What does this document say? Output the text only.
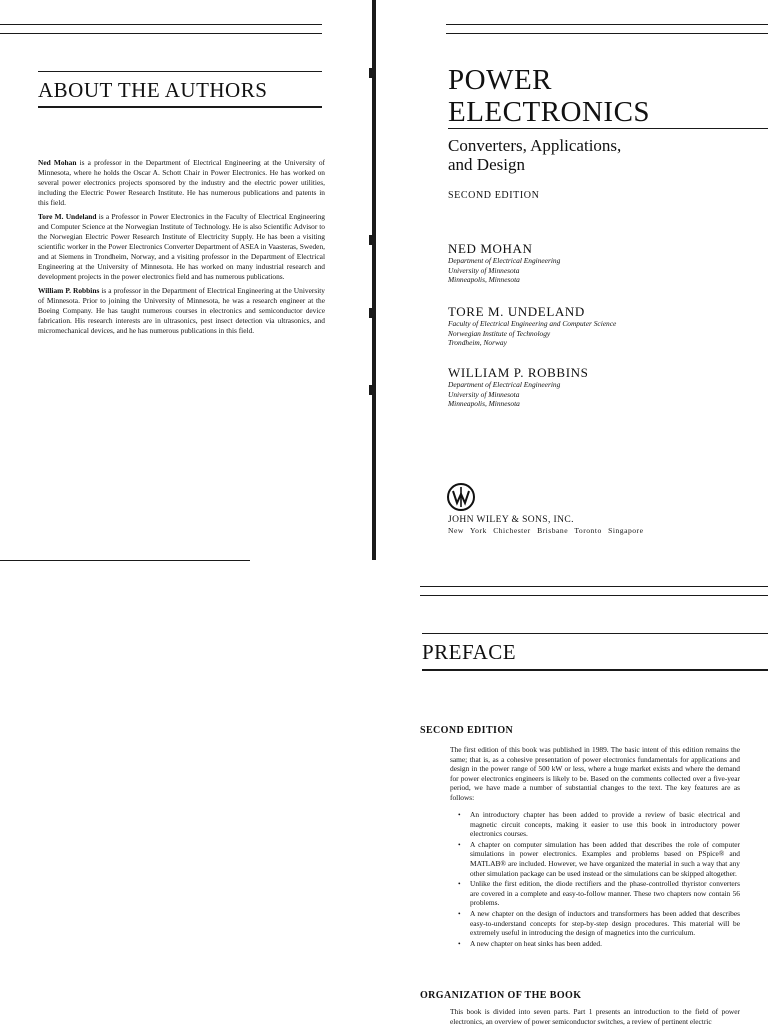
ABOUT THE AUTHORS

Ned Mohan is a professor in the Department of Electrical Engineering at the University of Minnesota, where he holds the Oscar A. Schott Chair in Power Electronics. He has worked on several power electronics projects sponsored by the industry and the electric power utilities, including the Electric Power Research Institute. He has numerous publications and patents in this field.

Tore M. Undeland is a Professor in Power Electronics in the Faculty of Electrical Engineering and Computer Science at the Norwegian Institute of Technology. He is also Scientific Advisor to the Norwegian Electric Power Research Institute of Electricity Supply. He has been a visiting scientific worker in the Power Electronics Converter Department of ASEA in Vaasteras, Sweden, and at Siemens in Trondheim, Norway, and a visiting professor in the Department of Electrical Engineering at the University of Minnesota. He has worked on many industrial research and development projects in the power electronics field and has numerous publications.

William P. Robbins is a professor in the Department of Electrical Engineering at the University of Minnesota. Prior to joining the University of Minnesota, he was a research engineer at the Boeing Company. He has taught numerous courses in electronics and semiconductor device fabrication. His research interests are in ultrasonics, pest insect detection via ultrasonics, and micromechanical devices, and he has numerous publications in this field.

POWER
ELECTRONICS
Converters, Applications,
and Design
SECOND EDITION
NED MOHAN
Department of Electrical Engineering
University of Minnesota
Minneapolis, Minnesota
TORE M. UNDELAND
Faculty of Electrical Engineering and Computer Science
Norwegian Institute of Technology
Trondheim, Norway
WILLIAM P. ROBBINS
Department of Electrical Engineering
University of Minnesota
Minneapolis, Minnesota
JOHN WILEY & SONS, INC.
New York Chichester Brisbane Toronto Singapore
PREFACE
SECOND EDITION
The first edition of this book was published in 1989. The basic intent of this edition remains the same; that is, as a cohesive presentation of power electronics fundamentals for applications and design in the power range of 500 kW or less, where a huge market exists and where the demand for power electronics engineers is likely to be. Based on the comments collected over a five-year period, we have made a number of substantial changes to the text. The key features are as follows:
• An introductory chapter has been added to provide a review of basic electrical and magnetic circuit concepts, making it easier to use this book in introductory power electronics courses.
• A chapter on computer simulation has been added that describes the role of computer simulations in power electronics. Examples and problems based on PSpice® and MATLAB® are included. However, we have organized the material in such a way that any other simulation package can be used instead or the simulations can be skipped altogether.
• Unlike the first edition, the diode rectifiers and the phase-controlled thyristor converters are covered in a complete and easy-to-follow manner. These two chapters now contain 56 problems.
• A new chapter on the design of inductors and transformers has been added that describes easy-to-understand concepts for step-by-step design procedures. This material will be extremely useful in introducing the design of magnetics into the curriculum.
• A new chapter on heat sinks has been added.
ORGANIZATION OF THE BOOK
This book is divided into seven parts. Part 1 presents an introduction to the field of power electronics, an overview of power semiconductor switches, a review of pertinent electric
